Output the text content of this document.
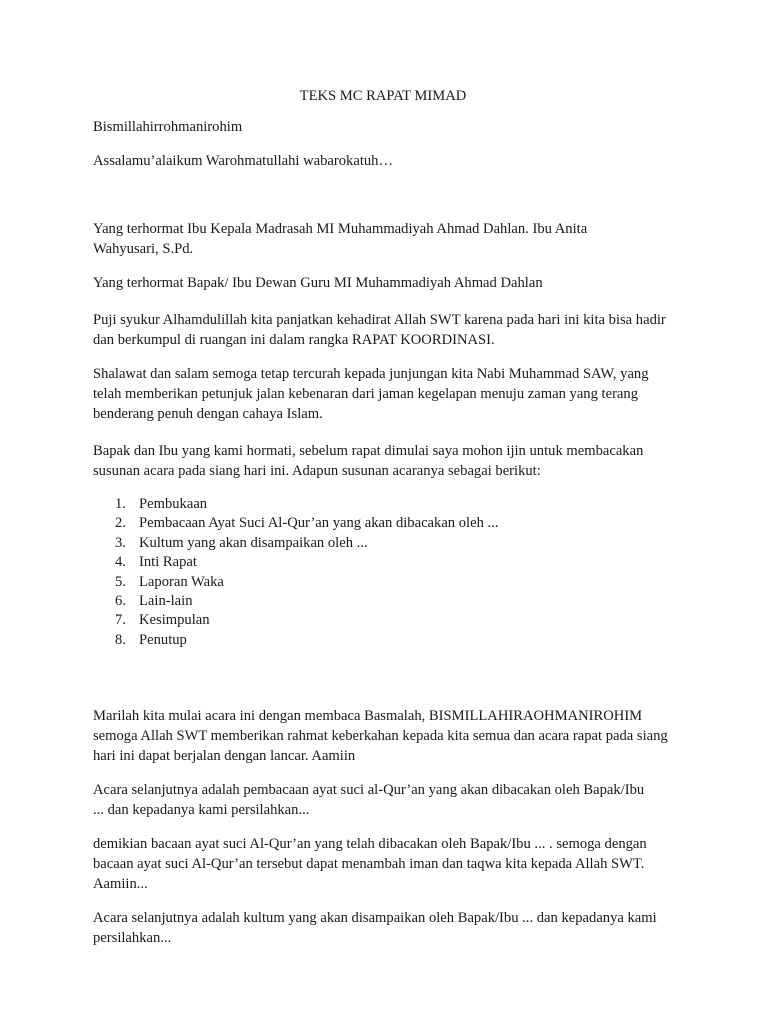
TEKS MC RAPAT MIMAD

Bismillahirrohmanirohim

Assalamu’alaikum Warohmatullahi wabarokatuh…

Yang terhormat Ibu Kepala Madrasah MI Muhammadiyah Ahmad Dahlan. Ibu Anita Wahyusari, S.Pd.

Yang terhormat Bapak/ Ibu Dewan Guru MI Muhammadiyah Ahmad Dahlan

Puji syukur Alhamdulillah kita panjatkan kehadirat Allah SWT karena pada hari ini kita bisa hadir dan berkumpul di ruangan ini dalam rangka RAPAT KOORDINASI.

Shalawat dan salam semoga tetap tercurah kepada junjungan kita Nabi Muhammad SAW, yang telah memberikan petunjuk jalan kebenaran dari jaman kegelapan menuju zaman yang terang benderang penuh dengan cahaya Islam.

Bapak dan Ibu yang kami hormati, sebelum rapat dimulai saya mohon ijin untuk membacakan susunan acara pada siang hari ini. Adapun susunan acaranya sebagai berikut:

1. Pembukaan
2. Pembacaan Ayat Suci Al-Qur’an yang akan dibacakan oleh ...
3. Kultum yang akan disampaikan oleh ...
4. Inti Rapat
5. Laporan Waka
6. Lain-lain
7. Kesimpulan
8. Penutup

Marilah kita mulai acara ini dengan membaca Basmalah, BISMILLAHIRAOHMANIROHIM semoga Allah SWT memberikan rahmat keberkahan kepada kita semua dan acara rapat pada siang hari ini dapat berjalan dengan lancar. Aamiin

Acara selanjutnya adalah pembacaan ayat suci al-Qur’an yang akan dibacakan oleh Bapak/Ibu ... dan kepadanya kami persilahkan...

demikian bacaan ayat suci Al-Qur’an yang telah dibacakan oleh Bapak/Ibu ... . semoga dengan bacaan ayat suci Al-Qur’an tersebut dapat menambah iman dan taqwa kita kepada Allah SWT. Aamiin...

Acara selanjutnya adalah kultum yang akan disampaikan oleh Bapak/Ibu ... dan kepadanya kami persilahkan...
